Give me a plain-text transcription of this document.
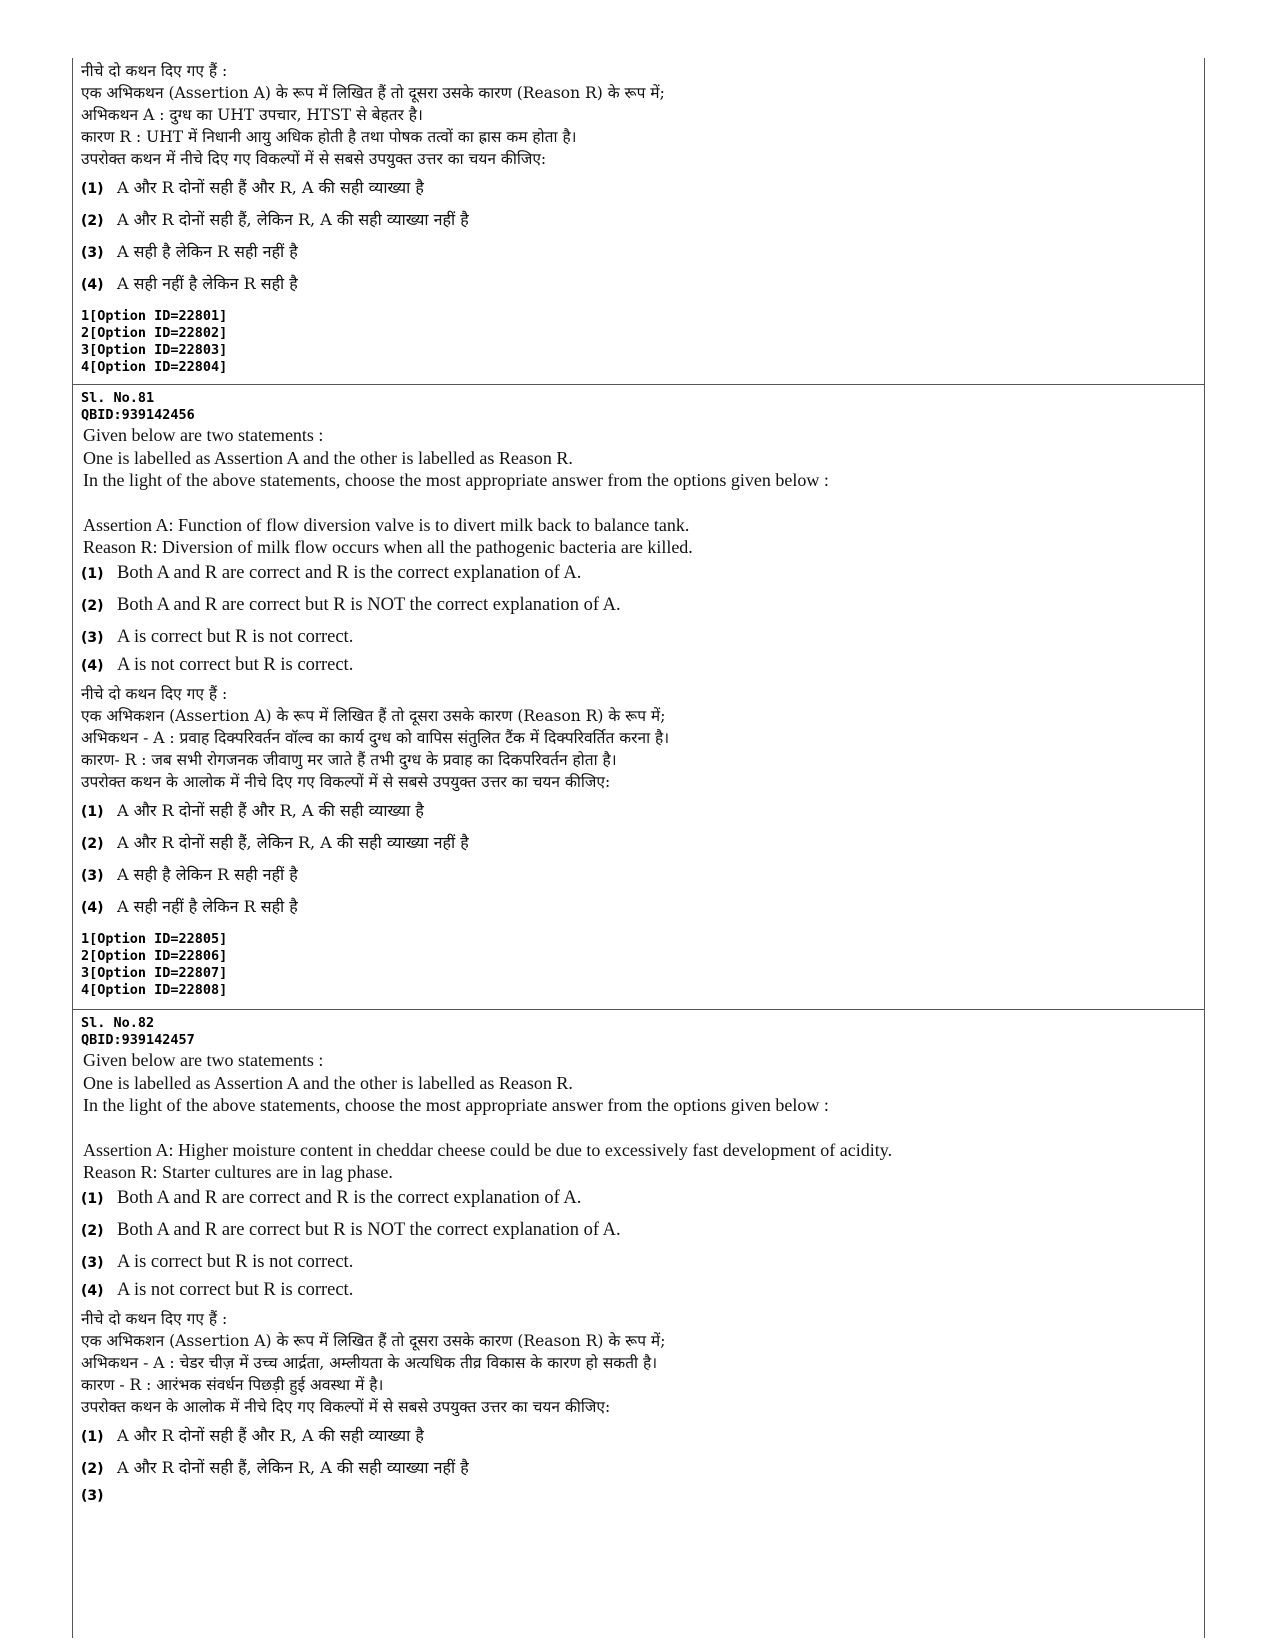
नीचे दो कथन दिए गए हैं :
एक अभिकथन (Assertion A) के रूप में लिखित हैं तो दूसरा उसके कारण (Reason R) के रूप में;
अभिकथन A : दुग्ध का UHT उपचार, HTST से बेहतर है।
कारण R : UHT में निधानी आयु अधिक होती है तथा पोषक तत्वों का ह्रास कम होता है।
उपरोक्त कथन में नीचे दिए गए विकल्पों में से सबसे उपयुक्त उत्तर का चयन कीजिए:
(1) A और R दोनों सही हैं और R, A की सही व्याख्या है
(2) A और R दोनों सही हैं, लेकिन R, A की सही व्याख्या नहीं है
(3) A सही है लेकिन R सही नहीं है
(4) A सही नहीं है लेकिन R सही है
1[Option ID=22801]
2[Option ID=22802]
3[Option ID=22803]
4[Option ID=22804]
Sl. No.81
QBID:939142456
Given below are two statements :
One is labelled as Assertion A and the other is labelled as Reason R.
In the light of the above statements, choose the most appropriate answer from the options given below :
Assertion A: Function of flow diversion valve is to divert milk back to balance tank.
Reason R: Diversion of milk flow occurs when all the pathogenic bacteria are killed.
(1) Both A and R are correct and R is the correct explanation of A.
(2) Both A and R are correct but R is NOT the correct explanation of A.
(3) A is correct but R is not correct.
(4) A is not correct but R is correct.
नीचे दो कथन दिए गए हैं :
एक अभिकशन (Assertion A) के रूप में लिखित हैं तो दूसरा उसके कारण (Reason R) के रूप में;
अभिकथन - A : प्रवाह दिक्परिवर्तन वॉल्व का कार्य दुग्ध को वापिस संतुलित टैंक में दिक्परिवर्तित करना है।
कारण- R : जब सभी रोगजनक जीवाणु मर जाते हैं तभी दुग्ध के प्रवाह का दिकपरिवर्तन होता है।
उपरोक्त कथन के आलोक में नीचे दिए गए विकल्पों में से सबसे उपयुक्त उत्तर का चयन कीजिए:
(1) A और R दोनों सही हैं और R, A की सही व्याख्या है
(2) A और R दोनों सही हैं, लेकिन R, A की सही व्याख्या नहीं है
(3) A सही है लेकिन R सही नहीं है
(4) A सही नहीं है लेकिन R सही है
1[Option ID=22805]
2[Option ID=22806]
3[Option ID=22807]
4[Option ID=22808]
Sl. No.82
QBID:939142457
Given below are two statements :
One is labelled as Assertion A and the other is labelled as Reason R.
In the light of the above statements, choose the most appropriate answer from the options given below :
Assertion A: Higher moisture content in cheddar cheese could be due to excessively fast development of acidity.
Reason R: Starter cultures are in lag phase.
(1) Both A and R are correct and R is the correct explanation of A.
(2) Both A and R are correct but R is NOT the correct explanation of A.
(3) A is correct but R is not correct.
(4) A is not correct but R is correct.
नीचे दो कथन दिए गए हैं :
एक अभिकशन (Assertion A) के रूप में लिखित हैं तो दूसरा उसके कारण (Reason R) के रूप में;
अभिकथन - A : चेडर चीज़ में उच्च आर्द्रता, अम्लीयता के अत्यधिक तीव्र विकास के कारण हो सकती है।
कारण - R : आरंभक संवर्धन पिछड़ी हुई अवस्था में है।
उपरोक्त कथन के आलोक में नीचे दिए गए विकल्पों में से सबसे उपयुक्त उत्तर का चयन कीजिए:
(1) A और R दोनों सही हैं और R, A की सही व्याख्या है
(2) A और R दोनों सही हैं, लेकिन R, A की सही व्याख्या नहीं है
(3)
